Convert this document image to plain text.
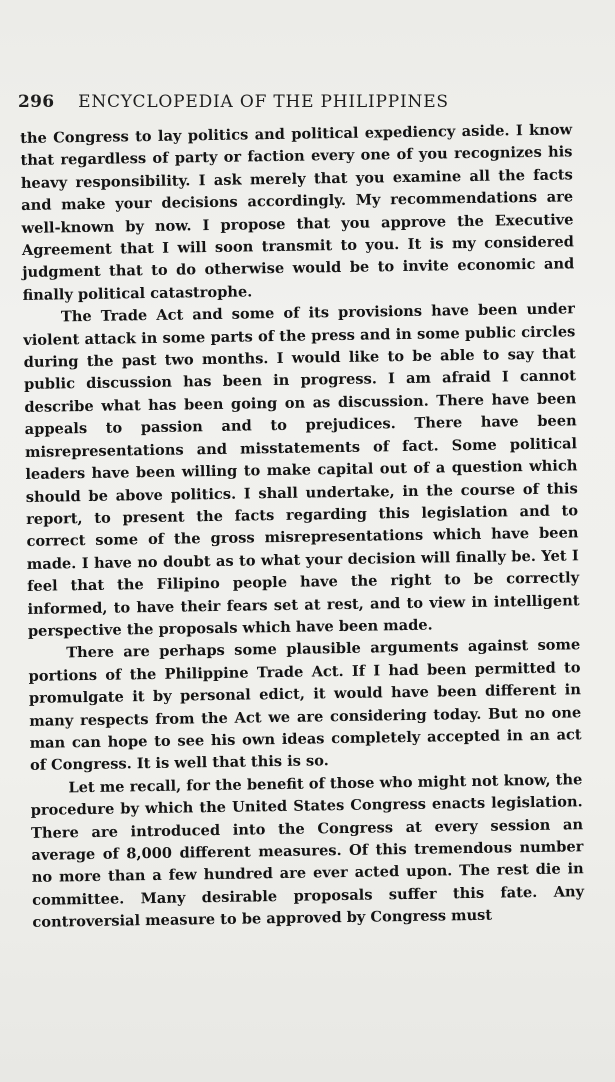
296 ENCYCLOPEDIA OF THE PHILIPPINES

the Congress to lay politics and political expediency aside. I know that regardless of party or faction every one of you recognizes his heavy responsibility. I ask merely that you examine all the facts and make your decisions accordingly. My recommendations are well-known by now. I propose that you approve the Executive Agreement that I will soon transmit to you. It is my considered judgment that to do otherwise would be to invite economic and finally political catastrophe.

The Trade Act and some of its provisions have been under violent attack in some parts of the press and in some public circles during the past two months. I would like to be able to say that public discussion has been in progress. I am afraid I cannot describe what has been going on as discussion. There have been appeals to passion and to prejudices. There have been misrepresentations and misstatements of fact. Some political leaders have been willing to make capital out of a question which should be above politics. I shall undertake, in the course of this report, to present the facts regarding this legislation and to correct some of the gross misrepresentations which have been made. I have no doubt as to what your decision will finally be. Yet I feel that the Filipino people have the right to be correctly informed, to have their fears set at rest, and to view in intelligent perspective the proposals which have been made.

There are perhaps some plausible arguments against some portions of the Philippine Trade Act. If I had been permitted to promulgate it by personal edict, it would have been different in many respects from the Act we are considering today. But no one man can hope to see his own ideas completely accepted in an act of Congress. It is well that this is so.

Let me recall, for the benefit of those who might not know, the procedure by which the United States Congress enacts legislation. There are introduced into the Congress at every session an average of 8,000 different measures. Of this tremendous number no more than a few hundred are ever acted upon. The rest die in committee. Many desirable proposals suffer this fate. Any controversial measure to be approved by Congress must
